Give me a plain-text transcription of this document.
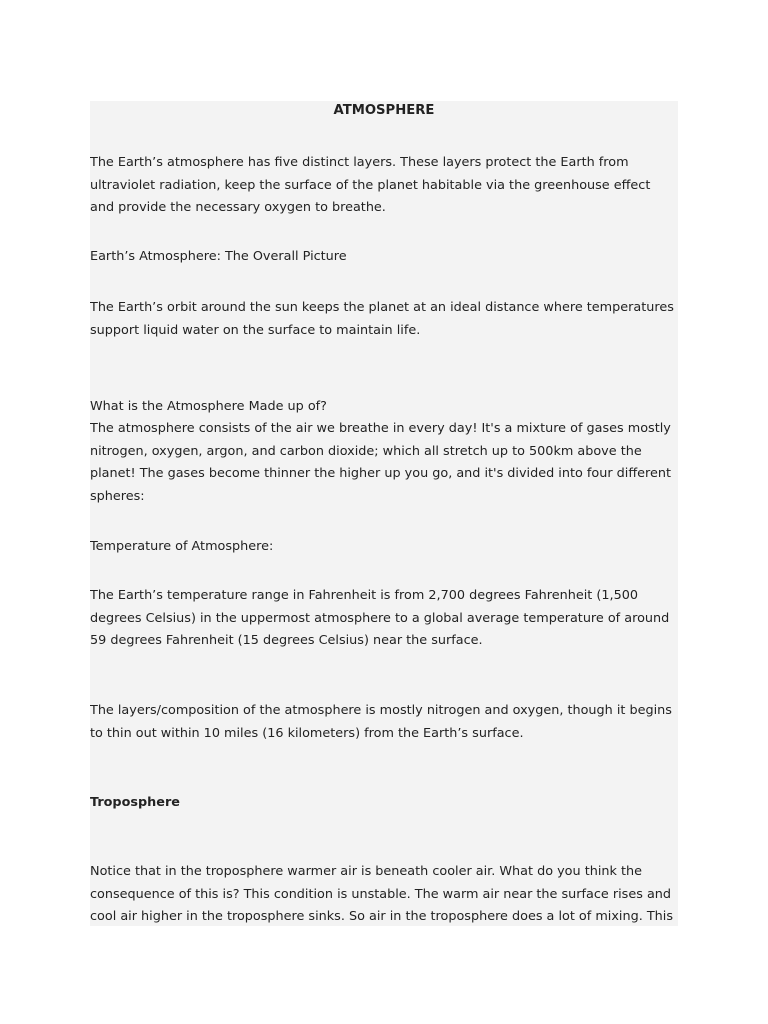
ATMOSPHERE

The Earth’s atmosphere has five distinct layers. These layers protect the Earth from ultraviolet radiation, keep the surface of the planet habitable via the greenhouse effect and provide the necessary oxygen to breathe.

Earth’s Atmosphere: The Overall Picture

The Earth’s orbit around the sun keeps the planet at an ideal distance where temperatures support liquid water on the surface to maintain life.

What is the Atmosphere Made up of?

The atmosphere consists of the air we breathe in every day! It's a mixture of gases mostly nitrogen, oxygen, argon, and carbon dioxide; which all stretch up to 500km above the planet! The gases become thinner the higher up you go, and it's divided into four different spheres:

Temperature of Atmosphere:

The Earth’s temperature range in Fahrenheit is from 2,700 degrees Fahrenheit (1,500 degrees Celsius) in the uppermost atmosphere to a global average temperature of around 59 degrees Fahrenheit (15 degrees Celsius) near the surface.

The layers/composition of the atmosphere is mostly nitrogen and oxygen, though it begins to thin out within 10 miles (16 kilometers) from the Earth’s surface.

Troposphere

Notice that in the troposphere warmer air is beneath cooler air. What do you think the consequence of this is? This condition is unstable. The warm air near the surface rises and cool air higher in the troposphere sinks. So air in the troposphere does a lot of mixing. This
